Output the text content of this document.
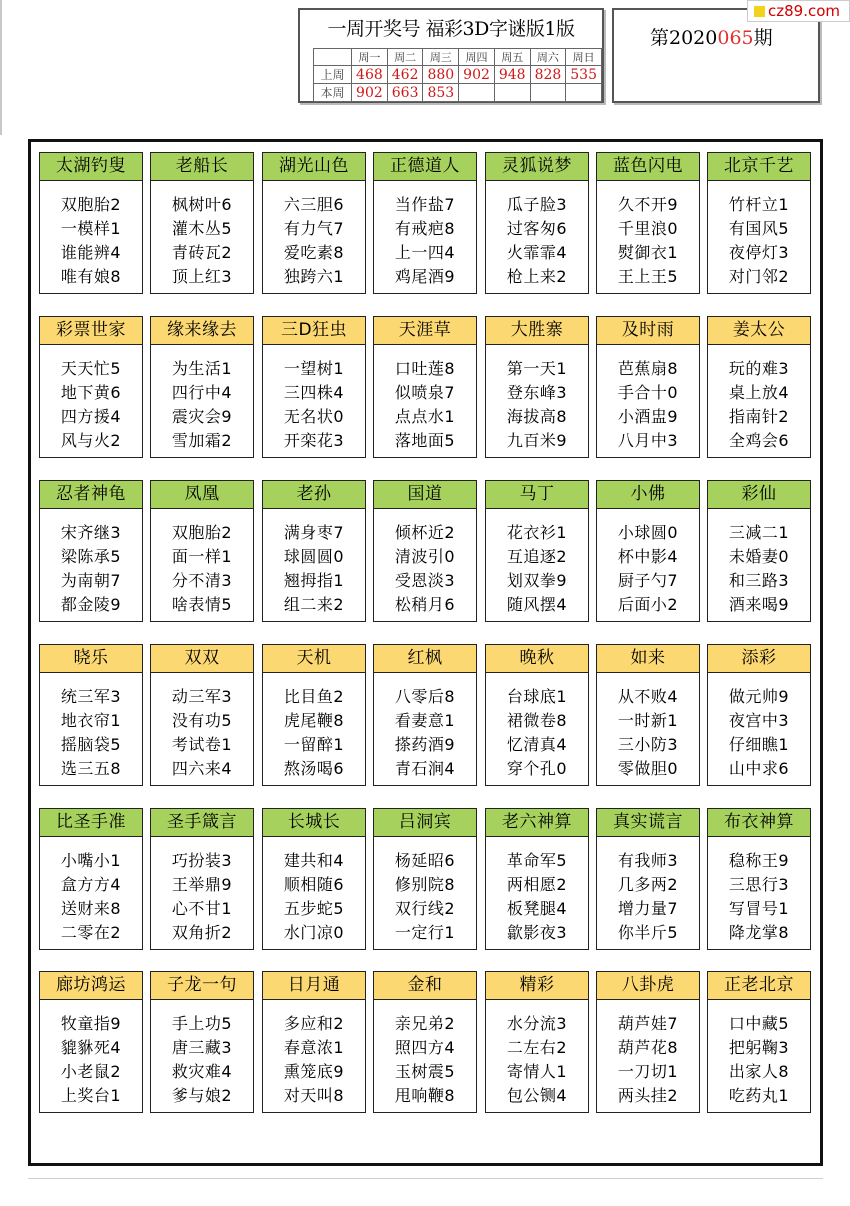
一周开奖号 福彩3D字谜版1版
	周一	周二	周三	周四	周五	周六	周日
上周	468	462	880	902	948	828	535
本周	902	663	853				
第2020065期
cz89.com
太湖钓叟
双胞胎2
一模样1
谁能辨4
唯有娘8
老船长
枫树叶6
灌木丛5
青砖瓦2
顶上红3
湖光山色
六三胆6
有力气7
爱吃素8
独跨六1
正德道人
当作盐7
有戒疤8
上一四4
鸡尾酒9
灵狐说梦
瓜子脸3
过客匆6
火霏霏4
枪上来2
蓝色闪电
久不开9
千里浪0
熨御衣1
王上王5
北京千艺
竹杆立1
有国风5
夜停灯3
对门邻2
彩票世家
天天忙5
地下黄6
四方援4
风与火2
缘来缘去
为生活1
四行中4
震灾会9
雪加霜2
三D狂虫
一望树1
三四株4
无名状0
开栾花3
天涯草
口吐莲8
似喷泉7
点点水1
落地面5
大胜寨
第一天1
登东峰3
海拔高8
九百米9
及时雨
芭蕉扇8
手合十0
小酒盅9
八月中3
姜太公
玩的难3
桌上放4
指南针2
全鸡会6
忍者神龟
宋齐继3
梁陈承5
为南朝7
都金陵9
凤凰
双胞胎2
面一样1
分不清3
啥表情5
老孙
满身枣7
球圆圆0
翘拇指1
组二来2
国道
倾杯近2
清波引0
受恩淡3
松稍月6
马丁
花衣衫1
互追逐2
划双拳9
随风摆4
小佛
小球圆0
杯中影4
厨子勺7
后面小2
彩仙
三减二1
未婚妻0
和三路3
酒来喝9
晓乐
统三军3
地衣帘1
摇脑袋5
选三五8
双双
动三军3
没有功5
考试卷1
四六来4
天机
比目鱼2
虎尾鞭8
一留醉1
熬汤喝6
红枫
八零后8
看妻意1
搽药酒9
青石涧4
晚秋
台球底1
裙微卷8
忆清真4
穿个孔0
如来
从不败4
一时新1
三小防3
零做胆0
添彩
做元帅9
夜宫中3
仔细瞧1
山中求6
比圣手准
小嘴小1
盒方方4
送财来8
二零在2
圣手箴言
巧扮装3
王举鼎9
心不甘1
双角折2
长城长
建共和4
顺相随6
五步蛇5
水门凉0
吕洞宾
杨延昭6
修别院8
双行线2
一定行1
老六神算
革命军5
两相愿2
板凳腿4
歙影夜3
真实谎言
有我师3
几多两2
增力量7
你半斤5
布衣神算
稳称王9
三思行3
写冒号1
降龙掌8
廊坊鸿运
牧童指9
貔貅死4
小老鼠2
上奖台1
子龙一句
手上功5
唐三藏3
救灾难4
爹与娘2
日月通
多应和2
春意浓1
熏笼底9
对天叫8
金和
亲兄弟2
照四方4
玉树震5
甩响鞭8
精彩
水分流3
二左右2
寄情人1
包公铡4
八卦虎
葫芦娃7
葫芦花8
一刀切1
两头挂2
正老北京
口中藏5
把躬鞠3
出家人8
吃药丸1
